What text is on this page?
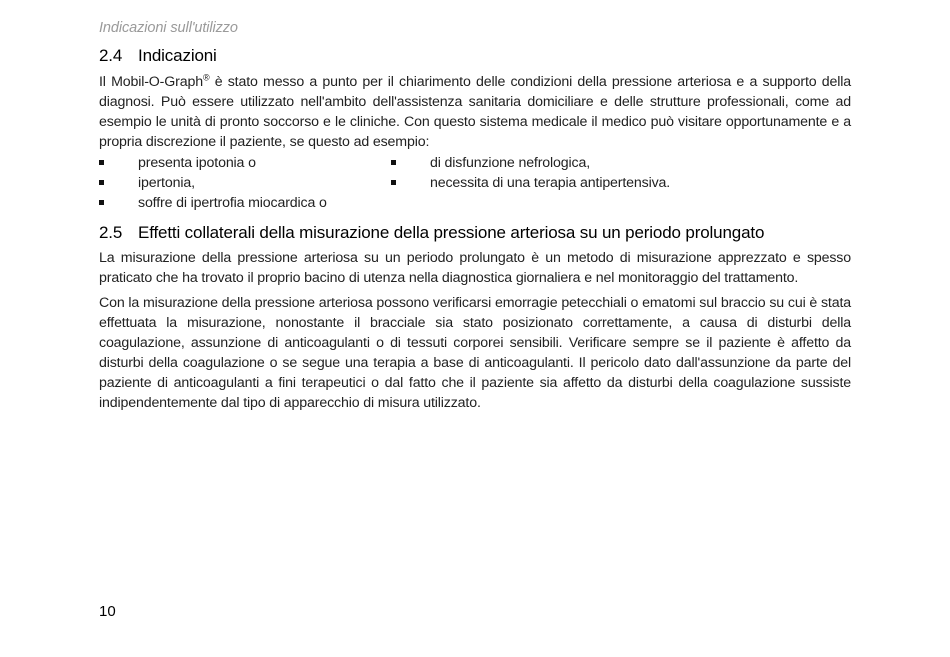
Indicazioni sull'utilizzo
2.4 Indicazioni

Il Mobil-O-Graph® è stato messo a punto per il chiarimento delle condizioni della pressione arteriosa e a supporto della diagnosi. Può essere utilizzato nell'ambito dell'assistenza sanitaria domiciliare e delle strutture professionali, come ad esempio le unità di pronto soccorso e le cliniche. Con questo sistema medicale il medico può visitare opportunamente e a propria discrezione il paziente, se questo ad esempio:

presenta ipotonia o
ipertonia,
soffre di ipertrofia miocardica o
di disfunzione nefrologica,
necessita di una terapia antipertensiva.
2.5 Effetti collaterali della misurazione della pressione arteriosa su un periodo prolungato

La misurazione della pressione arteriosa su un periodo prolungato è un metodo di misurazione apprezzato e spesso praticato che ha trovato il proprio bacino di utenza nella diagnostica giornaliera e nel monitoraggio del trattamento.

Con la misurazione della pressione arteriosa possono verificarsi emorragie petecchiali o ematomi sul braccio su cui è stata effettuata la misurazione, nonostante il bracciale sia stato posizionato correttamente, a causa di disturbi della coagulazione, assunzione di anticoagulanti o di tessuti corporei sensibili. Verificare sempre se il paziente è affetto da disturbi della coagulazione o se segue una terapia a base di anticoagulanti. Il pericolo dato dall'assunzione da parte del paziente di anticoagulanti a fini terapeutici o dal fatto che il paziente sia affetto da disturbi della coagulazione sussiste indipendentemente dal tipo di apparecchio di misura utilizzato.

10
